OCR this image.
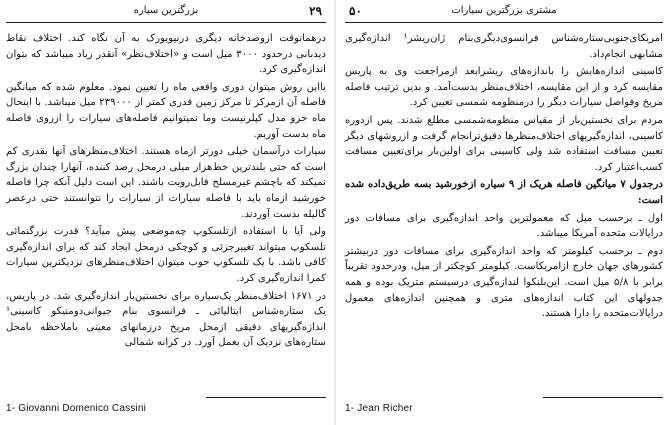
۲۹
بزرگترین سیاره

درهمانوقت ازوصدخانه دیگری درنیویورک به آن نگاه کند. اختلاف نقاط دیدبانی درحدود ۳۰۰۰ میل است و «اختلاف‌نظر» آنقدر زیاد میباشد که بتوان اندازه‌گیری کرد.

بااین روش میتوان دوری واقعی ماه را تعیین نمود. معلوم شده که میانگین فاصله آن ازمرکز تا مرکز زمین قدری کمتر از ۲۳۹۰۰۰ میل میباشد. با اینحال ماه جزو مدل کپلرنیست وما نمیتوانیم فاصله‌های سیارات را ازروی فاصله ماه بدست آوریم.

سیارات درآسمان خیلی دورتر ازماه هستند. اختلاف‌منظرهای آنها بقدری کم است که حتی بلندترین خط‌هزار میلی درمحل رصد کننده، آنهارا چندان بزرگ نمیکند که باچشم غیرمسلح قابل‌رویت باشند. این است دلیل آنکه چرا فاصله خورشید ازماه باید با فاصله سیارات از سیارات را نتوانستند حتی درعصر گالیله بدست آوردند.

ولی آیا با استفاده ازتلسکوپ چه‌موضعی پیش میآید؟ قدرت بزرگنمائی تلسکوپ میتواند تغییرجزئی و کوچکی درمحل ایجاد کند که برای اندازه‌گیری کافی باشد. با یک تلسکوپ خوب میتوان اختلاف‌منظرهای نزدیکترین سیارات کمرا اندازه‌گیری کرد.

در ۱۶۷۱ اختلاف‌منظر یک‌سیاره برای نخستین‌بار اندازه‌گیری شد. در پاریس، یک ستاره‌شناس ایتالیائی ـ فرانسوی بنام جیوانی‌دومنیکو کاسینی¹ اندازه‌گیریهای دقیقی ازمحل مریخ درزمانهای معینی باملاحظه بامحل ستاره‌های نزدیک آن بعمل آورد. در کرانه شمالی

1- Giovanni Domenico Cassini
۵۰	مشتری بزرگترین سیارات

امریکای‌جنوبی‌ستاره‌شناس فرانسوی‌دیگری‌بنام ژان‌ریشر¹ اندازه‌گیری مشابهی انجام‌داد.

کاسینی اندازه‌هایش را باندازه‌های ریشرابعد ازمراجعت وی به پاریس مقایسه کرد و از این مقایسه، اختلاف‌منظر بدست‌آمد. و بدین ترتیب فاصله مریخ وفواصل سیارات دیگر را درمنظومه شمسی تعیین کرد.

مردم برای نخستین‌بار از مقیاس منظومه‌شمسی مطلع شدند. پس ازدوره کاسینی، اندازه‌گیریهای اختلاف‌منظرها دقیق‌ترانجام گرفت و ازروشهای دیگر تعیین مسافت استفاده شد ولی کاسینی برای اولین‌بار برای‌تعیین مسافت کسب‌اعتبار کرد.

درجدول ۷ میانگین فاصله هریک از ۹ سیاره ازخورشید بسه طریق‌داده شده است:

اول ـ برحسب میل که معمولترین واحد اندازه‌گیری برای مسافات دور درایالات متحده آمریکا میباشد.

دوم ـ برحسب کیلومتر که واحد اندازه‌گیری برای مسافات دور دربیشتر کشورهای جهان خارج ازامریکاست. کیلومتر کوچکتر از میل، ودرحدود تقریباً برابر با ۵/۸ میل است. این‌بلنکوا لندازه‌گیری درسیستم متریک بوده و همه جدولهای این کتاب اندازه‌های متری و همچنین اندازه‌های معمول درایالات‌متحده را دارا هستند.

1- Jean Richer
